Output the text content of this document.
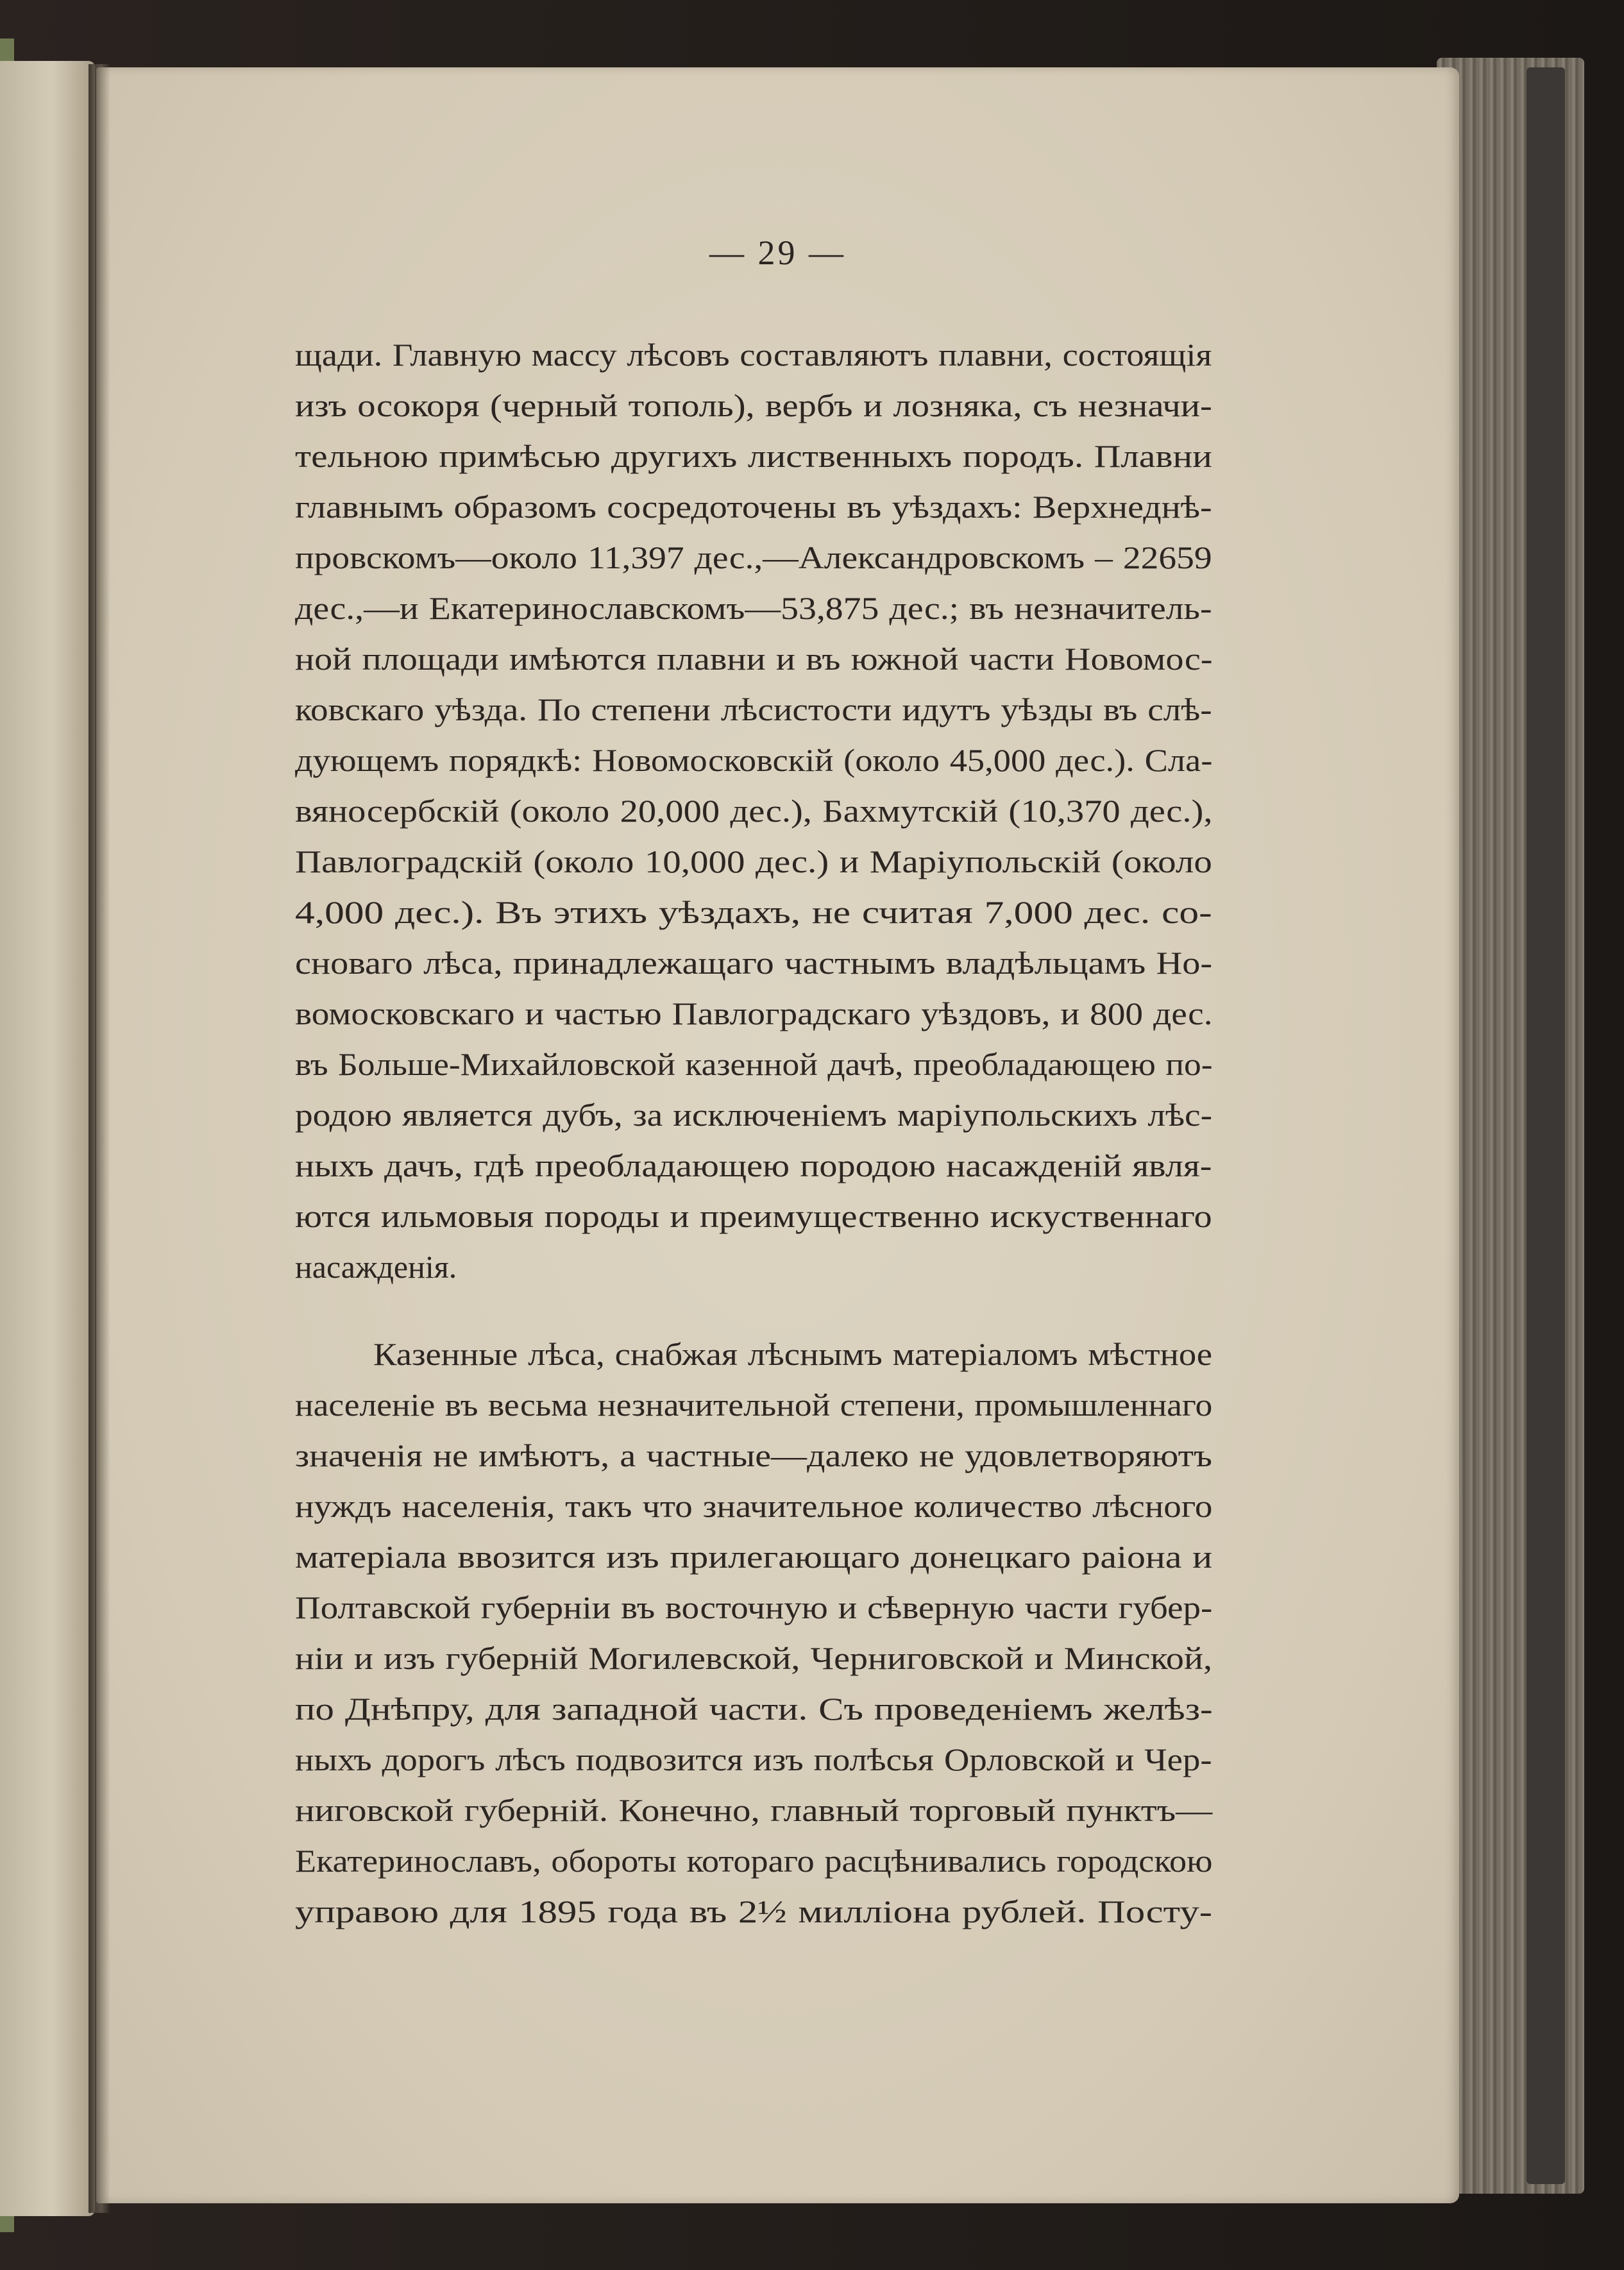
— 29 —

щади. Главную массу лѣсовъ составляютъ плавни, состоящія

изъ осокоря (черный тополь), вербъ и лозняка, съ незначи-

тельною примѣсью другихъ лиственныхъ породъ. Плавни

главнымъ образомъ сосредоточены въ уѣздахъ: Верхнеднѣ-

провскомъ—около 11,397 дес.,—Александровскомъ – 22659

дес.,—и Екатеринославскомъ—53,875 дес.; въ незначитель-

ной площади имѣются плавни и въ южной части Новомос-

ковскаго уѣзда. По степени лѣсистости идутъ уѣзды въ слѣ-

дующемъ порядкѣ: Новомосковскій (около 45,000 дес.). Сла-

вяносербскій (около 20,000 дес.), Бахмутскій (10,370 дес.),

Павлоградскій (около 10,000 дес.) и Маріупольскій (около

4,000 дес.). Въ этихъ уѣздахъ, не считая 7,000 дес. со-

сноваго лѣса, принадлежащаго частнымъ владѣльцамъ Но-

вомосковскаго и частью Павлоградскаго уѣздовъ, и 800 дес.

въ Больше-Михайловской казенной дачѣ, преобладающею по-

родою является дубъ, за исключеніемъ маріупольскихъ лѣс-

ныхъ дачъ, гдѣ преобладающею породою насажденій явля-

ются ильмовыя породы и преимущественно искуственнаго

насажденія.

Казенные лѣса, снабжая лѣснымъ матеріаломъ мѣстное

населеніе въ весьма незначительной степени, промышленнаго

значенія не имѣютъ, а частные—далеко не удовлетворяютъ

нуждъ населенія, такъ что значительное количество лѣсного

матеріала ввозится изъ прилегающаго донецкаго раіона и

Полтавской губерніи въ восточную и сѣверную части губер-

ніи и изъ губерній Могилевской, Черниговской и Минской,

по Днѣпру, для западной части. Съ проведеніемъ желѣз-

ныхъ дорогъ лѣсъ подвозится изъ полѣсья Орловской и Чер-

ниговской губерній. Конечно, главный торговый пунктъ—

Екатеринославъ, обороты котораго расцѣнивались городскою

управою для 1895 года въ 2½ милліона рублей. Посту-
